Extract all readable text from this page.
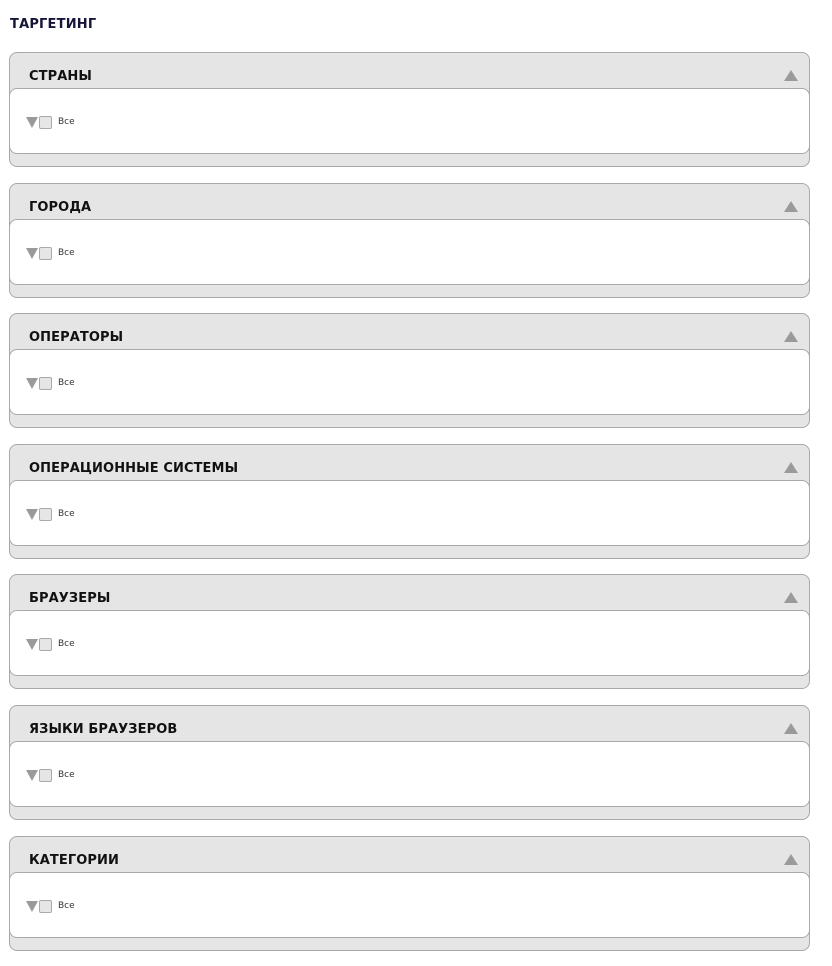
ТАРГЕТИНГ
СТРАНЫ
Все
ГОРОДА
Все
ОПЕРАТОРЫ
Все
ОПЕРАЦИОННЫЕ СИСТЕМЫ
Все
БРАУЗЕРЫ
Все
ЯЗЫКИ БРАУЗЕРОВ
Все
КАТЕГОРИИ
Все
